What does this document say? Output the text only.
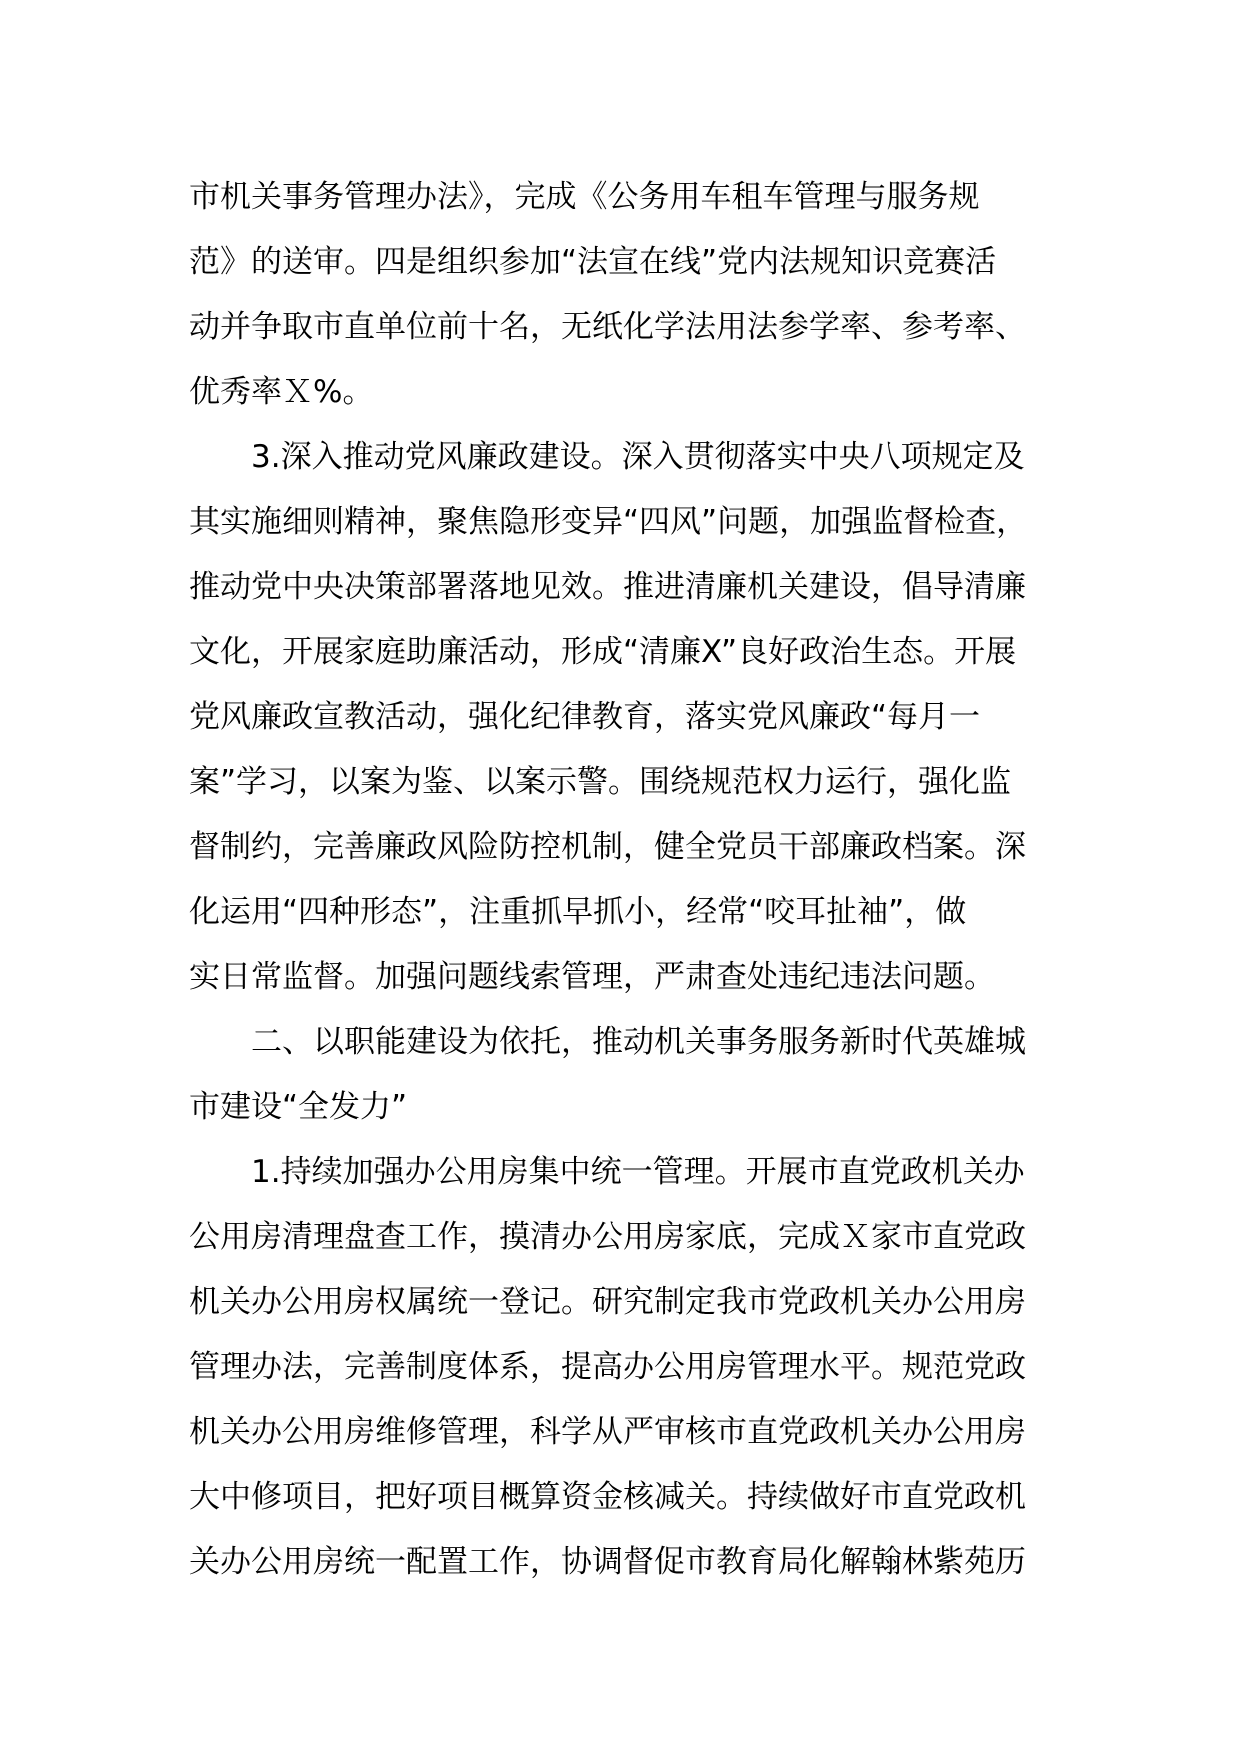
市机关事务管理办法》，完成《公务用车租车管理与服务规
范》的送审。四是组织参加“法宣在线”党内法规知识竞赛活
动并争取市直单位前十名，无纸化学法用法参学率、参考率、
优秀率Ｘ%。
3.深入推动党风廉政建设。深入贯彻落实中央八项规定及
其实施细则精神，聚焦隐形变异“四风”问题，加强监督检查，
推动党中央决策部署落地见效。推进清廉机关建设，倡导清廉
文化，开展家庭助廉活动，形成“清廉X”良好政治生态。开展
党风廉政宣教活动，强化纪律教育，落实党风廉政“每月一
案”学习，以案为鉴、以案示警。围绕规范权力运行，强化监
督制约，完善廉政风险防控机制，健全党员干部廉政档案。深
化运用“四种形态”，注重抓早抓小，经常“咬耳扯袖”，做
实日常监督。加强问题线索管理，严肃查处违纪违法问题。
二、以职能建设为依托，推动机关事务服务新时代英雄城
市建设“全发力”
1.持续加强办公用房集中统一管理。开展市直党政机关办
公用房清理盘查工作，摸清办公用房家底，完成Ｘ家市直党政
机关办公用房权属统一登记。研究制定我市党政机关办公用房
管理办法，完善制度体系，提高办公用房管理水平。规范党政
机关办公用房维修管理，科学从严审核市直党政机关办公用房
大中修项目，把好项目概算资金核减关。持续做好市直党政机
关办公用房统一配置工作，协调督促市教育局化解翰林紫苑历
